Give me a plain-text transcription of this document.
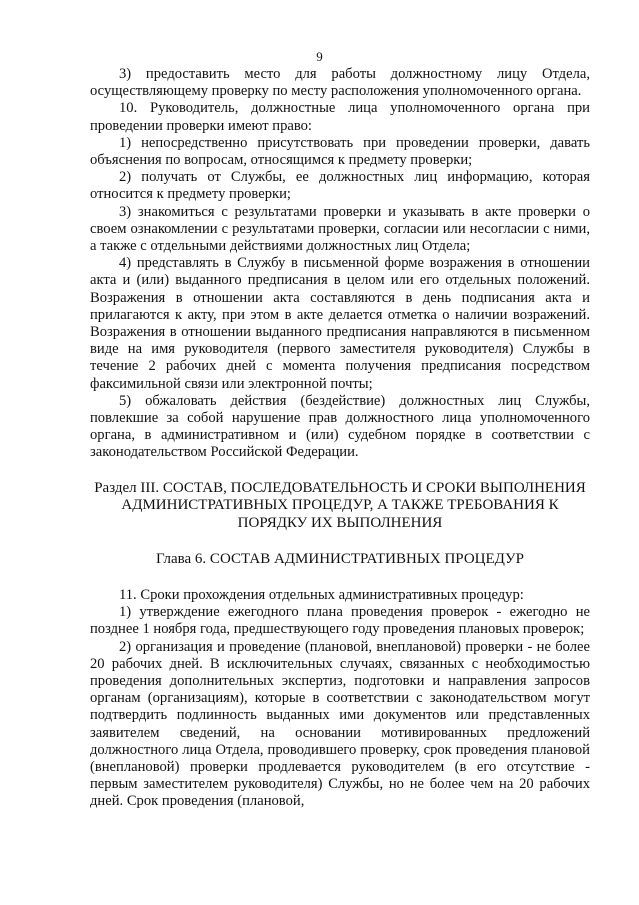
9

3) предоставить место для работы должностному лицу Отдела, осуществляющему проверку по месту расположения уполномоченного органа.

10. Руководитель, должностные лица уполномоченного органа при проведении проверки имеют право:

1) непосредственно присутствовать при проведении проверки, давать объяснения по вопросам, относящимся к предмету проверки;

2) получать от Службы, ее должностных лиц информацию, которая относится к предмету проверки;

3) знакомиться с результатами проверки и указывать в акте проверки о своем ознакомлении с результатами проверки, согласии или несогласии с ними, а также с отдельными действиями должностных лиц Отдела;

4) представлять в Службу в письменной форме возражения в отношении акта и (или) выданного предписания в целом или его отдельных положений. Возражения в отношении акта составляются в день подписания акта и прилагаются к акту, при этом в акте делается отметка о наличии возражений. Возражения в отношении выданного предписания направляются в письменном виде на имя руководителя (первого заместителя руководителя) Службы в течение 2 рабочих дней с момента получения предписания посредством факсимильной связи или электронной почты;

5) обжаловать действия (бездействие) должностных лиц Службы, повлекшие за собой нарушение прав должностного лица уполномоченного органа, в административном и (или) судебном порядке в соответствии с законодательством Российской Федерации.

Раздел III. СОСТАВ, ПОСЛЕДОВАТЕЛЬНОСТЬ И СРОКИ ВЫПОЛНЕНИЯ АДМИНИСТРАТИВНЫХ ПРОЦЕДУР, А ТАКЖЕ ТРЕБОВАНИЯ К ПОРЯДКУ ИХ ВЫПОЛНЕНИЯ

Глава 6. СОСТАВ АДМИНИСТРАТИВНЫХ ПРОЦЕДУР

11. Сроки прохождения отдельных административных процедур:

1) утверждение ежегодного плана проведения проверок - ежегодно не позднее 1 ноября года, предшествующего году проведения плановых проверок;

2) организация и проведение (плановой, внеплановой) проверки - не более 20 рабочих дней. В исключительных случаях, связанных с необходимостью проведения дополнительных экспертиз, подготовки и направления запросов органам (организациям), которые в соответствии с законодательством могут подтвердить подлинность выданных ими документов или представленных заявителем сведений, на основании мотивированных предложений должностного лица Отдела, проводившего проверку, срок проведения плановой (внеплановой) проверки продлевается руководителем (в его отсутствие - первым заместителем руководителя) Службы, но не более чем на 20 рабочих дней. Срок проведения (плановой,
